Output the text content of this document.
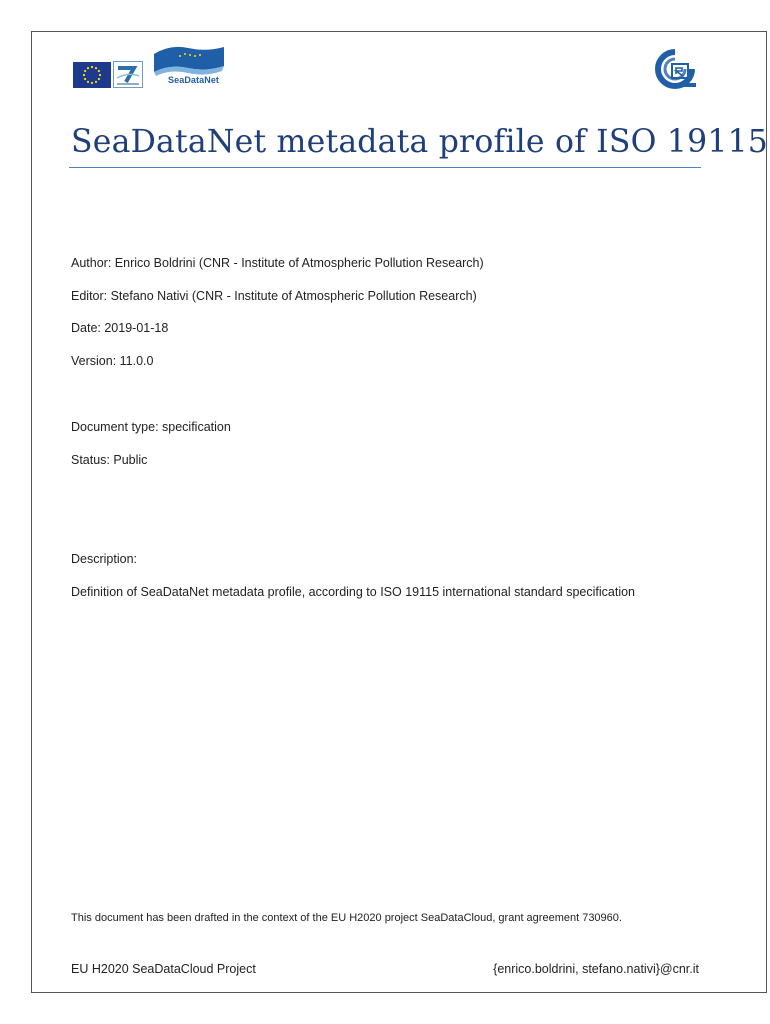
SeaDataNet
SeaDataNet metadata profile of ISO 19115
Author: Enrico Boldrini (CNR - Institute of Atmospheric Pollution Research)
Editor: Stefano Nativi (CNR - Institute of Atmospheric Pollution Research)
Date: 2019-01-18
Version: 11.0.0
Document type: specification
Status: Public
Description:
Definition of SeaDataNet metadata profile, according to ISO 19115 international standard specification
This document has been drafted in the context of the EU H2020 project SeaDataCloud, grant agreement 730960.
EU H2020 SeaDataCloud Project	{enrico.boldrini, stefano.nativi}@cnr.it
